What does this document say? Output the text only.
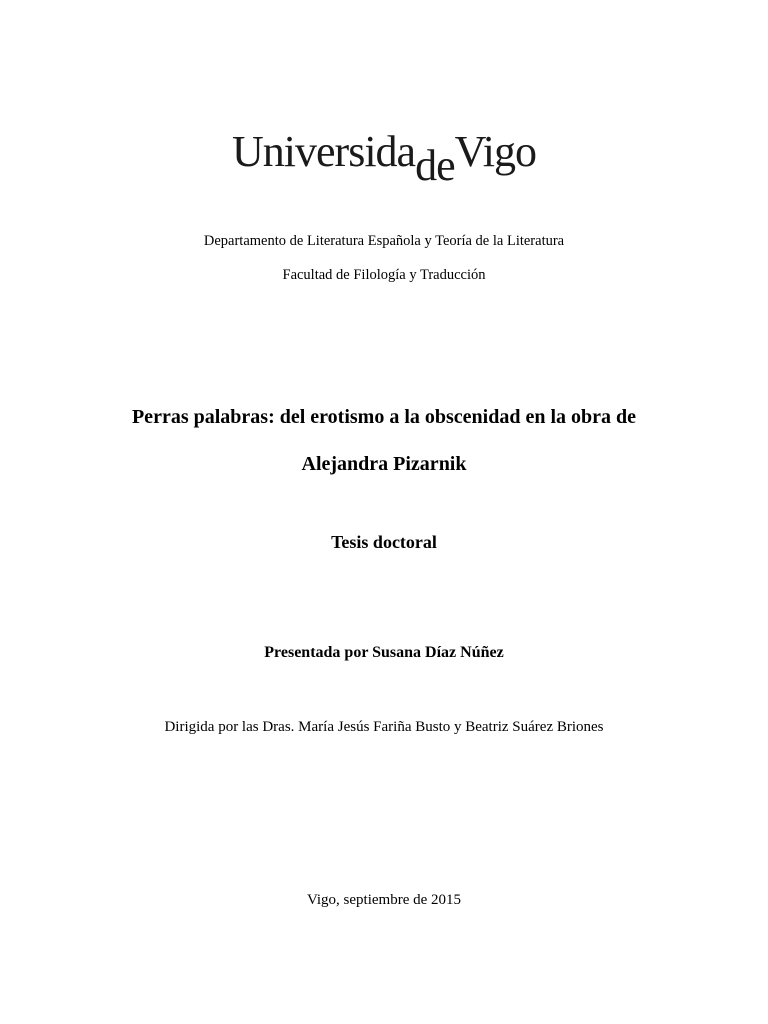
UniversidadeVigo
Departamento de Literatura Española y Teoría de la Literatura
Facultad de Filología y Traducción
Perras palabras: del erotismo a la obscenidad en la obra de
Alejandra Pizarnik
Tesis doctoral
Presentada por Susana Díaz Núñez
Dirigida por las Dras. María Jesús Fariña Busto y Beatriz Suárez Briones
Vigo, septiembre de 2015
